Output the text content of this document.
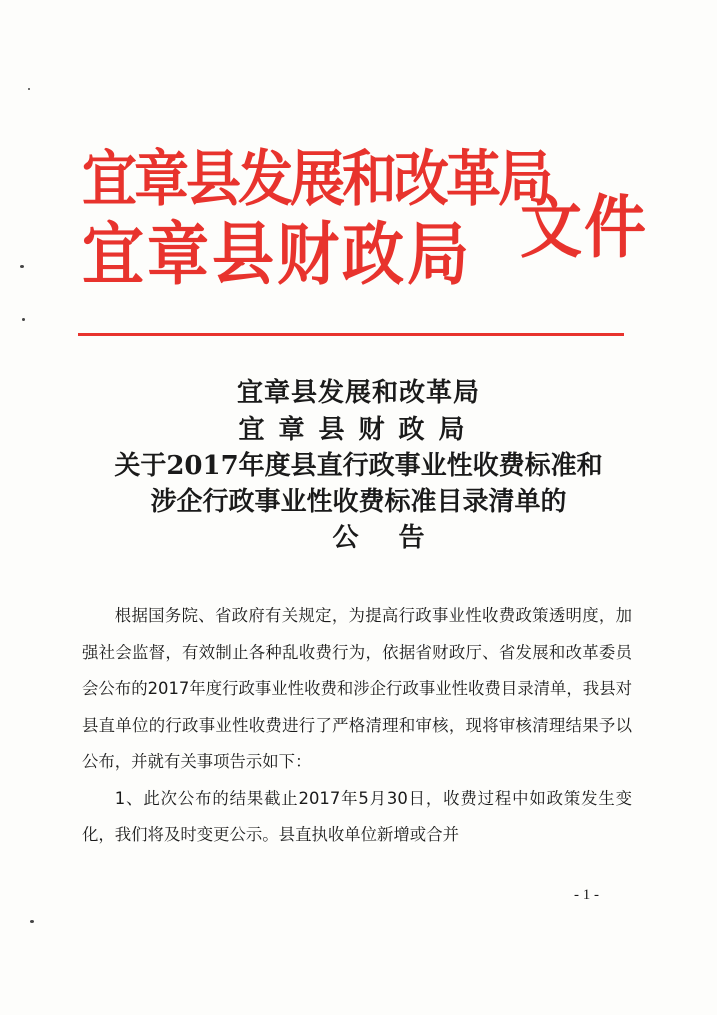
宜章县发展和改革局
宜章县财政局 文件
宜章县发展和改革局
宜章县财政局
关于2017年度县直行政事业性收费标准和
涉企行政事业性收费标准目录清单的
公告

根据国务院、省政府有关规定，为提高行政事业性收费政策透明度，加强社会监督，有效制止各种乱收费行为，依据省财政厅、省发展和改革委员会公布的2017年度行政事业性收费和涉企行政事业性收费目录清单，我县对县直单位的行政事业性收费进行了严格清理和审核，现将审核清理结果予以公布，并就有关事项告示如下：

1、此次公布的结果截止2017年5月30日，收费过程中如政策发生变化，我们将及时变更公示。县直执收单位新增或合并

- 1 -
